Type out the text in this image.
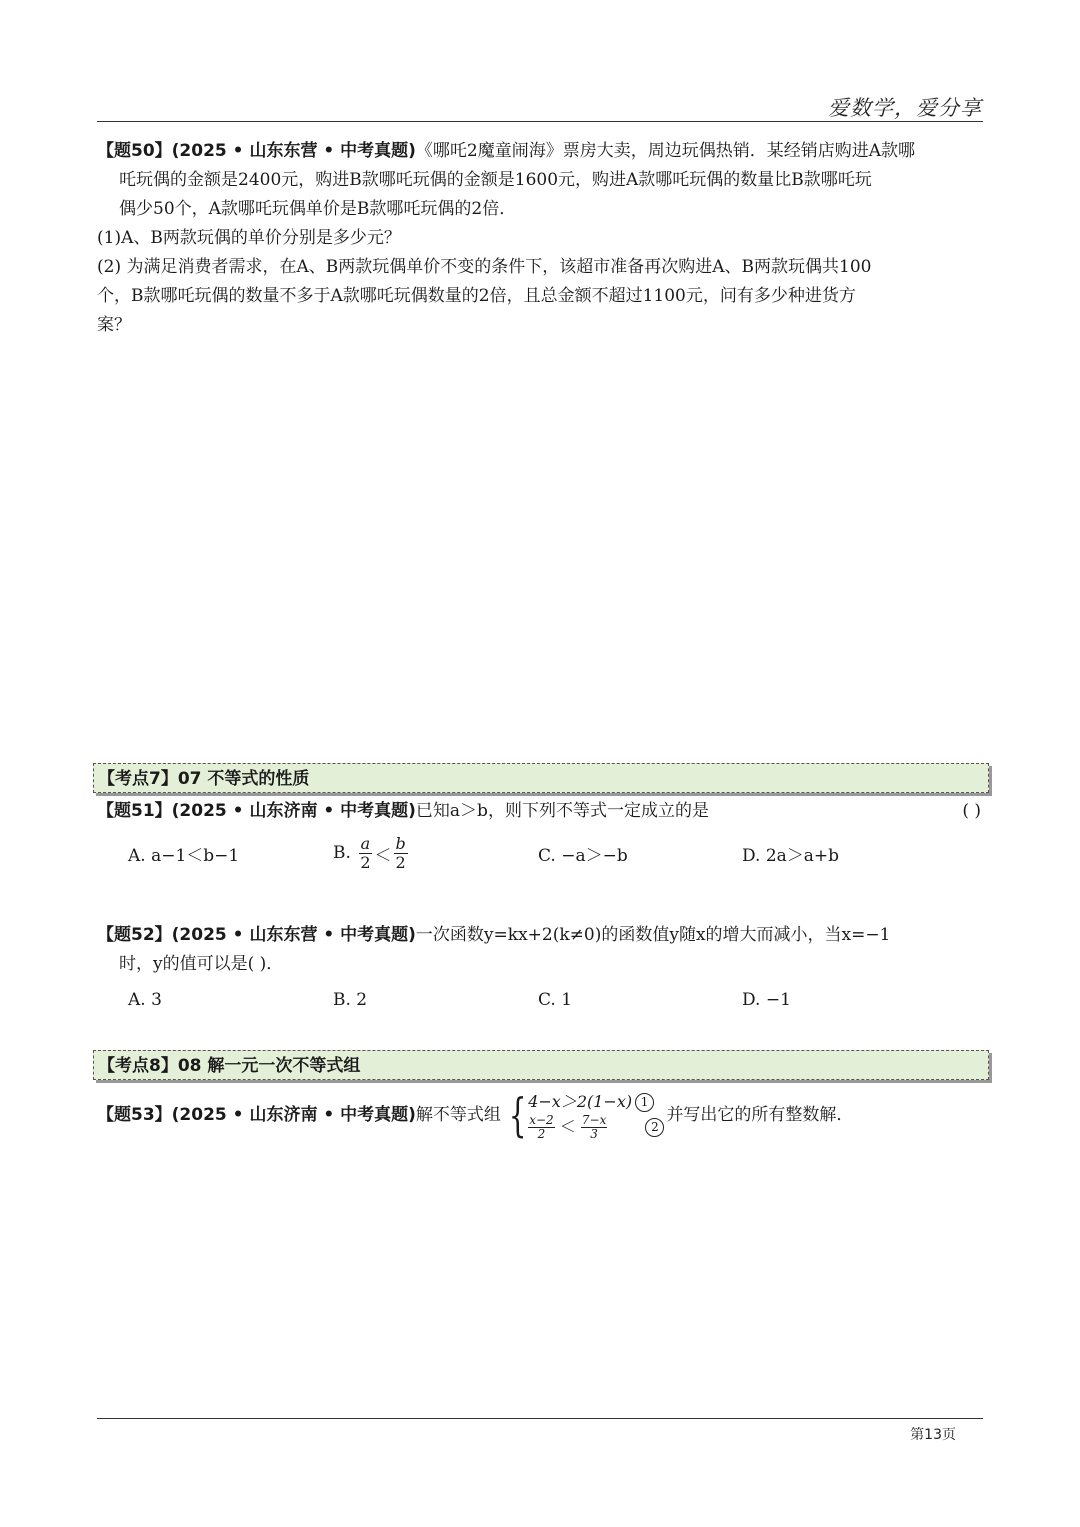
爱数学，爱分享
【题50】(2025 • 山东东营 • 中考真题)《哪吒2魔童闹海》票房大卖，周边玩偶热销．某经销店购进A款哪
吒玩偶的金额是2400元，购进B款哪吒玩偶的金额是1600元，购进A款哪吒玩偶的数量比B款哪吒玩
偶少50个，A款哪吒玩偶单价是B款哪吒玩偶的2倍．
(1)A、B两款玩偶的单价分别是多少元？
(2) 为满足消费者需求，在A、B两款玩偶单价不变的条件下，该超市准备再次购进A、B两款玩偶共100
个，B款哪吒玩偶的数量不多于A款哪吒玩偶数量的2倍，且总金额不超过1100元，问有多少种进货方
案？
【考点7】07 不等式的性质
【题51】(2025 • 山东济南 • 中考真题)已知a＞b，则下列不等式一定成立的是	( )
A. a−1＜b−1	B.
$\frac{a}{2} < \frac{b}{2}$	C. −a＞−b	D. 2a＞a+b
【题52】(2025 • 山东东营 • 中考真题)一次函数y=kx+2(k≠0)的函数值y随x的增大而减小，当x=−1
时，y的值可以是( )．
A. 3	B. 2	C. 1	D. −1
【考点8】08 解一元一次不等式组
【题53】(2025 • 山东济南 • 中考真题) 解不等式组 { 4−x＞2(1−x) 1
$\frac{x-2}{2} < \frac{7-x}{3}$	2
并写出它的所有整数解．
第13页
